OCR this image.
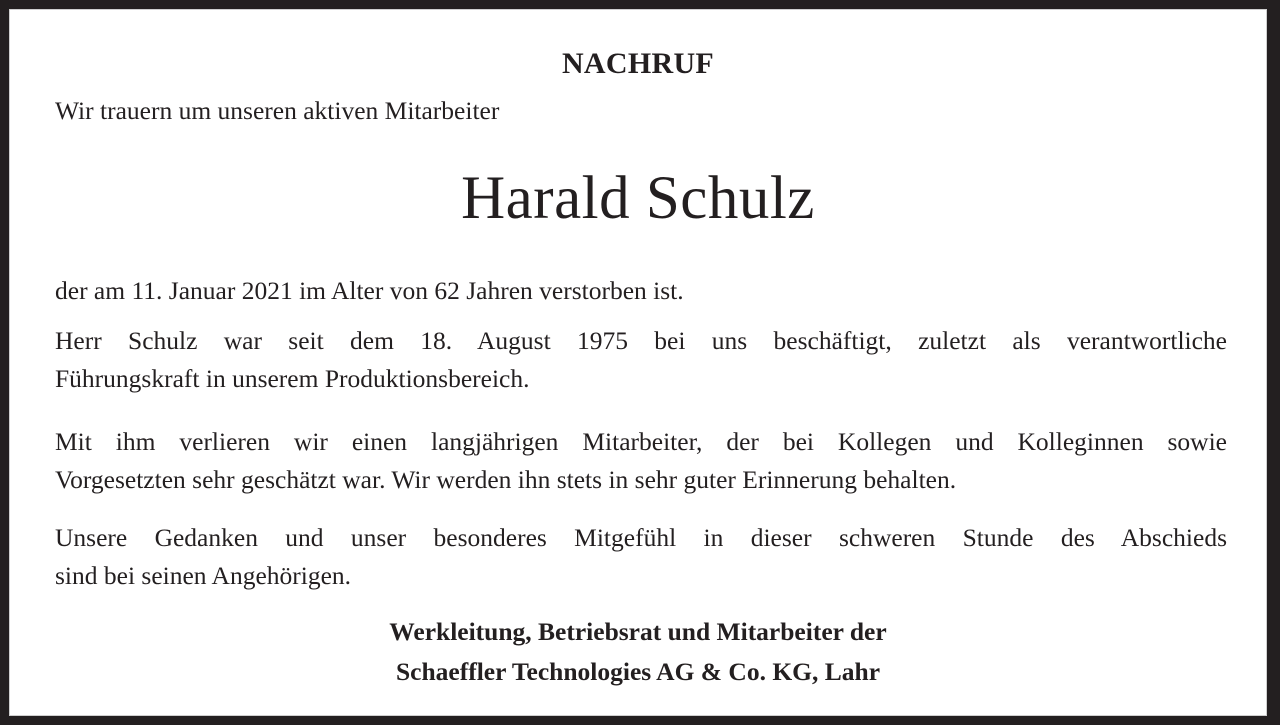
NACHRUF

Wir trauern um unseren aktiven Mitarbeiter

Harald Schulz

der am 11. Januar 2021 im Alter von 62 Jahren verstorben ist.

Herr Schulz war seit dem 18. August 1975 bei uns beschäftigt, zuletzt als verantwortliche
Führungskraft in unserem Produktionsbereich.

Mit ihm verlieren wir einen langjährigen Mitarbeiter, der bei Kollegen und Kolleginnen sowie
Vorgesetzten sehr geschätzt war. Wir werden ihn stets in sehr guter Erinnerung behalten.

Unsere Gedanken und unser besonderes Mitgefühl in dieser schweren Stunde des Abschieds
sind bei seinen Angehörigen.

Werkleitung, Betriebsrat und Mitarbeiter der
Schaeffler Technologies AG & Co. KG, Lahr
